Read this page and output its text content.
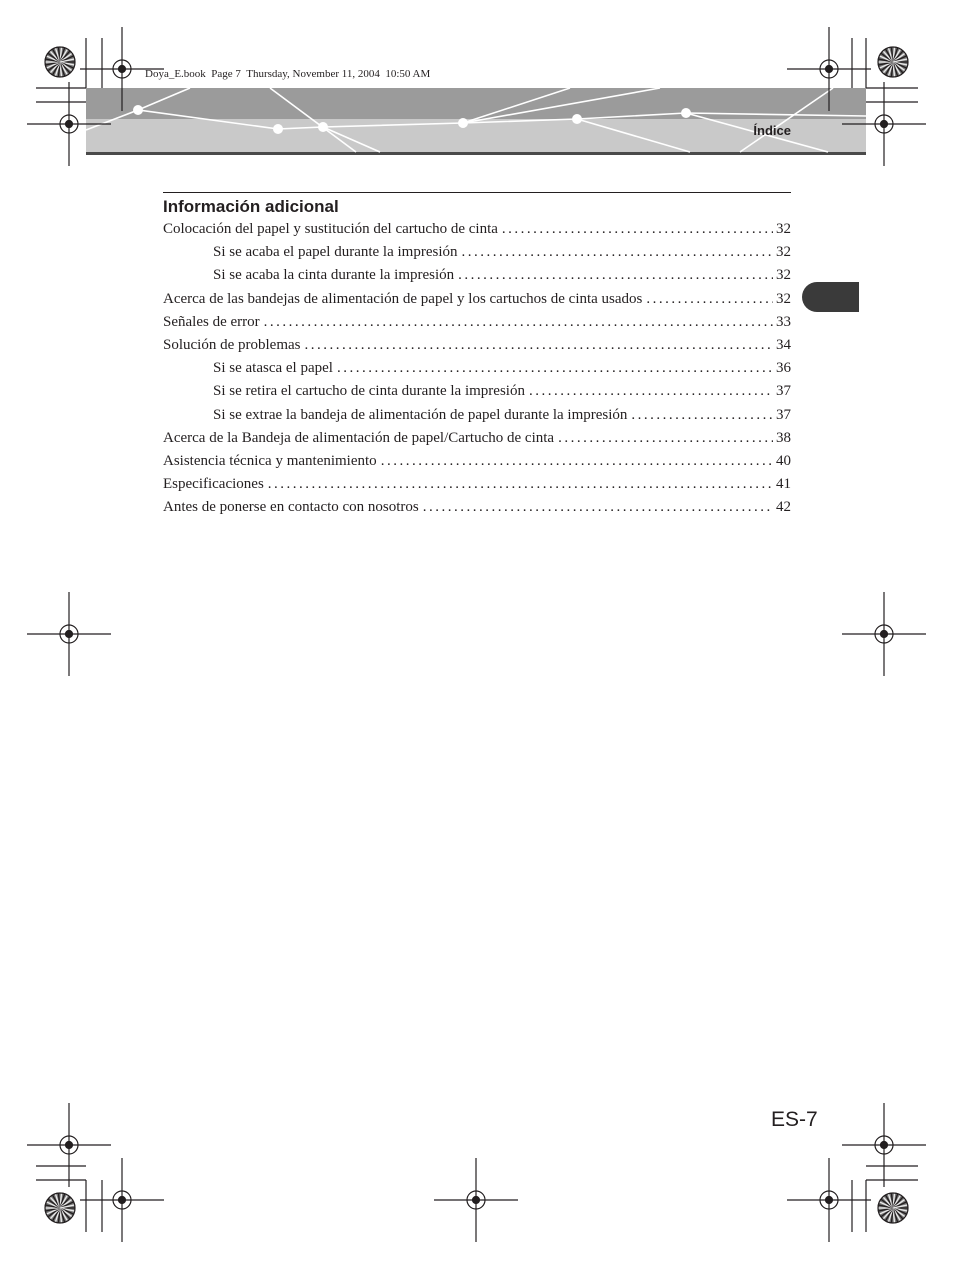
Doya_E.book  Page 7  Thursday, November 11, 2004  10:50 AM
Índice
Información adicional
Colocación del papel y sustitución del cartucho de cinta .....	32
Si se acaba el papel durante la impresión .....	32
Si se acaba la cinta durante la impresión .....	32
Acerca de las bandejas de alimentación de papel y los cartuchos de cinta usados .....	32
Señales de error .....	33
Solución de problemas .....	34
Si se atasca el papel .....	36
Si se retira el cartucho de cinta durante la impresión .....	37
Si se extrae la bandeja de alimentación de papel durante la impresión .....	37
Acerca de la Bandeja de alimentación de papel/Cartucho de cinta .....	38
Asistencia técnica y mantenimiento .....	40
Especificaciones .....	41
Antes de ponerse en contacto con nosotros .....	42
ES-7
